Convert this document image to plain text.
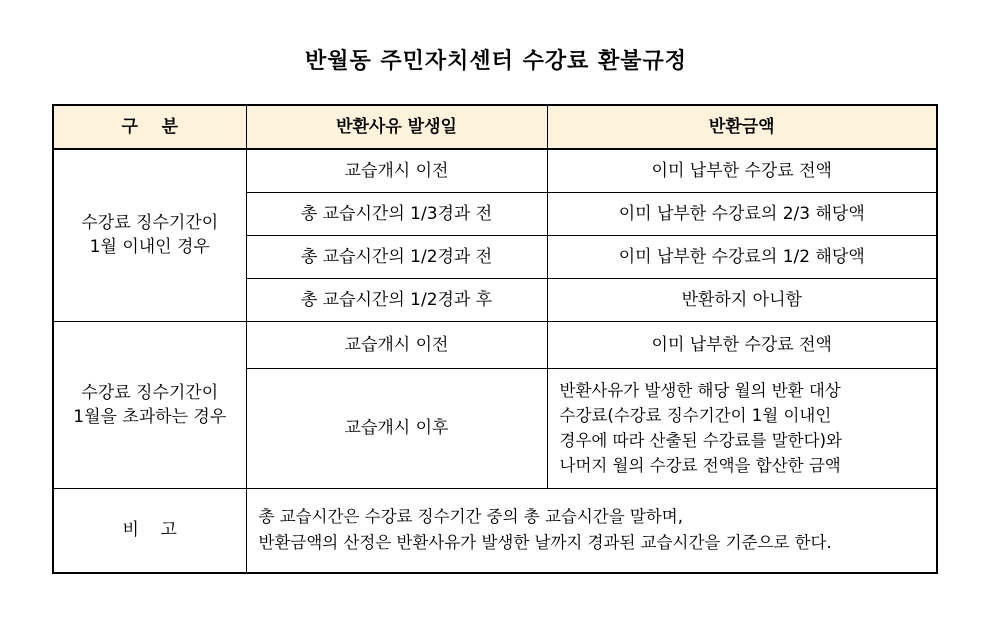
반월동 주민자치센터 수강료 환불규정
구    분	반환사유 발생일	반환금액

수강료 징수기간이
1월 이내인 경우	교습개시 이전	이미 납부한 수강료 전액
	총 교습시간의 1/3경과 전	이미 납부한 수강료의 2/3 해당액
	총 교습시간의 1/2경과 전	이미 납부한 수강료의 1/2 해당액
	총 교습시간의 1/2경과 후	반환하지 아니함

수강료 징수기간이
1월을 초과하는 경우	교습개시 이전	이미 납부한 수강료 전액
	교습개시 이후	반환사유가 발생한 해당 월의 반환 대상
수강료(수강료 징수기간이 1월 이내인
경우에 따라 산출된 수강료를 말한다)와
나머지 월의 수강료 전액을 합산한 금액

비    고	총 교습시간은 수강료 징수기간 중의 총 교습시간을 말하며,
반환금액의 산정은 반환사유가 발생한 날까지 경과된 교습시간을 기준으로 한다.	
